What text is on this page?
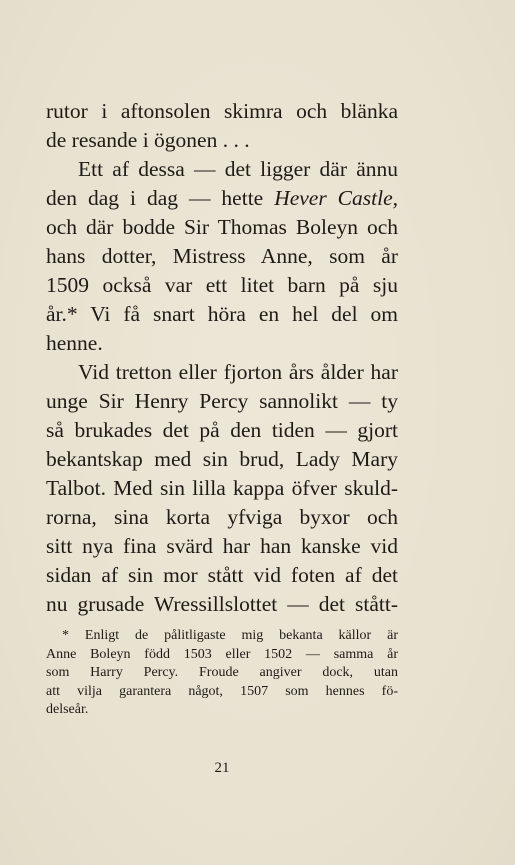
rutor i aftonsolen skimra och blänka
de resande i ögonen . . .
Ett af dessa — det ligger där ännu
den dag i dag — hette Hever Castle,
och där bodde Sir Thomas Boleyn och
hans dotter, Mistress Anne, som år
1509 också var ett litet barn på sju
år.* Vi få snart höra en hel del om
henne.
Vid tretton eller fjorton års ålder har
unge Sir Henry Percy sannolikt — ty
så brukades det på den tiden — gjort
bekantskap med sin brud, Lady Mary
Talbot. Med sin lilla kappa öfver skuld-
rorna, sina korta yfviga byxor och
sitt nya fina svärd har han kanske vid
sidan af sin mor stått vid foten af det
nu grusade Wressillslottet — det stått-
* Enligt de pålitligaste mig bekanta källor är
Anne Boleyn född 1503 eller 1502 — samma år
som Harry Percy. Froude angiver dock, utan
att vilja garantera något, 1507 som hennes fö-
delseår.
21
